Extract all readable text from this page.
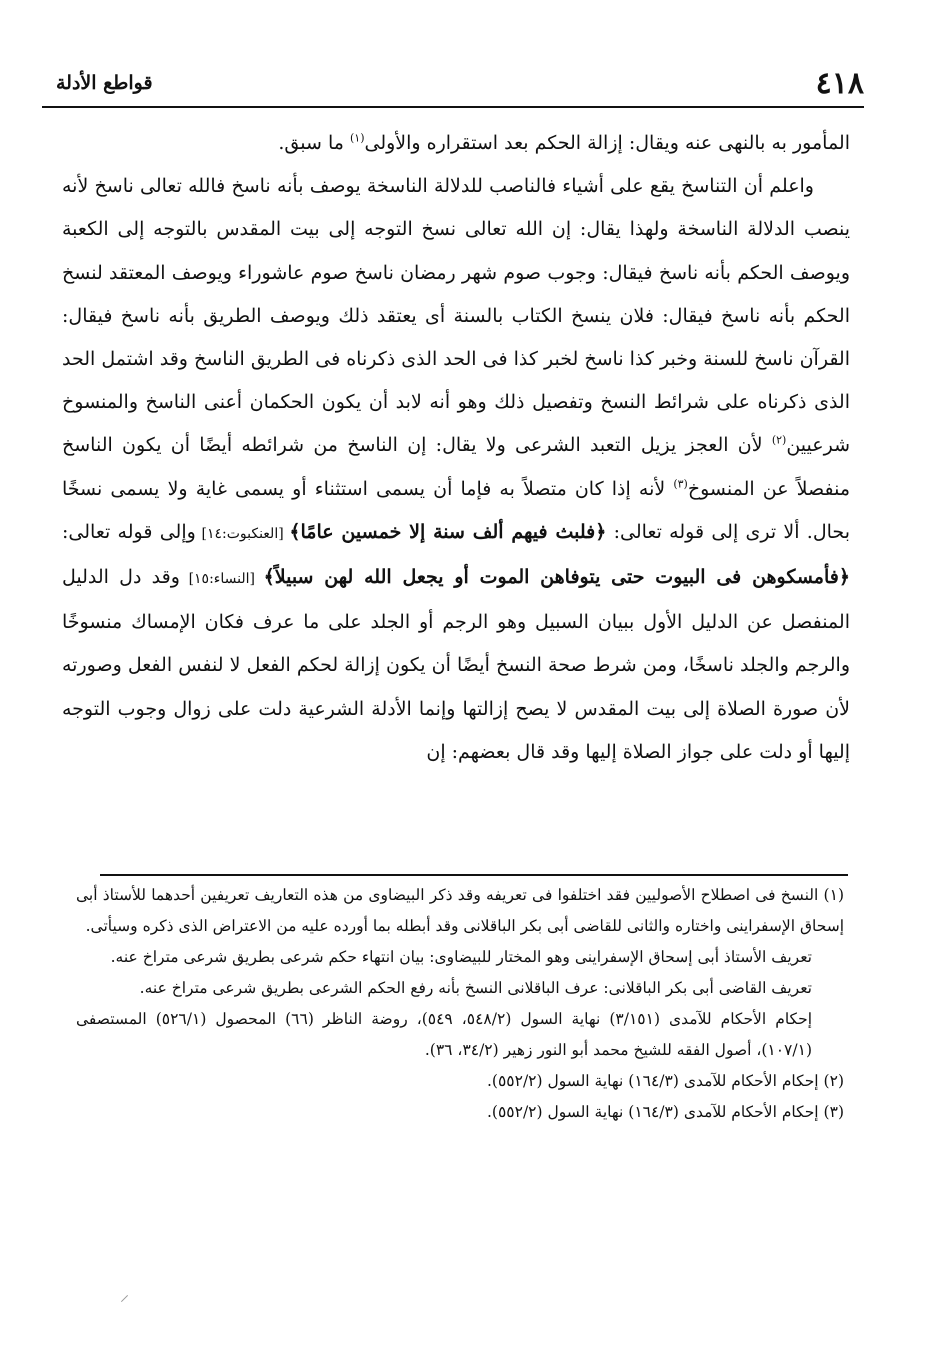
٤١٨
قواطع الأدلة

المأمور به بالنهى عنه ويقال: إزالة الحكم بعد استقراره والأولى$^{(١)}$ ما سبق.

واعلم أن التناسخ يقع على أشياء فالناصب للدلالة الناسخة يوصف بأنه ناسخ فالله تعالى ناسخ لأنه ينصب الدلالة الناسخة ولهذا يقال: إن الله تعالى نسخ التوجه إلى بيت المقدس بالتوجه إلى الكعبة ويوصف الحكم بأنه ناسخ فيقال: وجوب صوم شهر رمضان ناسخ صوم عاشوراء ويوصف المعتقد لنسخ الحكم بأنه ناسخ فيقال: فلان ينسخ الكتاب بالسنة أى يعتقد ذلك ويوصف الطريق بأنه ناسخ فيقال: القرآن ناسخ للسنة وخبر كذا ناسخ لخبر كذا فى الحد الذى ذكرناه فى الطريق الناسخ وقد اشتمل الحد الذى ذكرناه على شرائط النسخ وتفصيل ذلك وهو أنه لابد أن يكون الحكمان أعنى الناسخ والمنسوخ شرعيين$^{(٢)}$ لأن العجز يزيل التعبد الشرعى ولا يقال: إن الناسخ من شرائطه أيضًا أن يكون الناسخ منفصلاً عن المنسوخ$^{(٣)}$ لأنه إذا كان متصلاً به فإما أن يسمى استثناء أو يسمى غاية ولا يسمى نسخًا بحال. ألا ترى إلى قوله تعالى: ﴿فلبث فيهم ألف سنة إلا خمسين عامًا﴾ [العنكبوت:١٤] وإلى قوله تعالى: ﴿فأمسكوهن فى البيوت حتى يتوفاهن الموت أو يجعل الله لهن سبيلاً﴾ [النساء:١٥] وقد دل الدليل المنفصل عن الدليل الأول ببيان السبيل وهو الرجم أو الجلد على ما عرف فكان الإمساك منسوخًا والرجم والجلد ناسخًا، ومن شرط صحة النسخ أيضًا أن يكون إزالة لحكم الفعل لا لنفس الفعل وصورته لأن صورة الصلاة إلى بيت المقدس لا يصح إزالتها وإنما الأدلة الشرعية دلت على زوال وجوب التوجه إليها أو دلت على جواز الصلاة إليها وقد قال بعضهم: إن

(١) النسخ فى اصطلاح الأصوليين فقد اختلفوا فى تعريفه وقد ذكر البيضاوى من هذه التعاريف تعريفين أحدهما للأستاذ أبى إسحاق الإسفراينى واختاره والثانى للقاضى أبى بكر الباقلانى وقد أبطله بما أورده عليه من الاعتراض الذى ذكره وسيأتى.

تعريف الأستاذ أبى إسحاق الإسفراينى وهو المختار للبيضاوى: بيان انتهاء حكم شرعى بطريق شرعى متراخ عنه.

تعريف القاضى أبى بكر الباقلانى: عرف الباقلانى النسخ بأنه رفع الحكم الشرعى بطريق شرعى متراخ عنه.

إحكام الأحكام للآمدى (٣/١٥١) نهاية السول (٥٤٨/٢، ٥٤٩)، روضة الناظر (٦٦) المحصول (٥٢٦/١) المستصفى (١٠٧/١)، أصول الفقه للشيخ محمد أبو النور زهير (٣٤/٢، ٣٦).

(٢) إحكام الأحكام للآمدى (١٦٤/٣) نهاية السول (٥٥٢/٢).

(٣) إحكام الأحكام للآمدى (١٦٤/٣) نهاية السول (٥٥٢/٢).
